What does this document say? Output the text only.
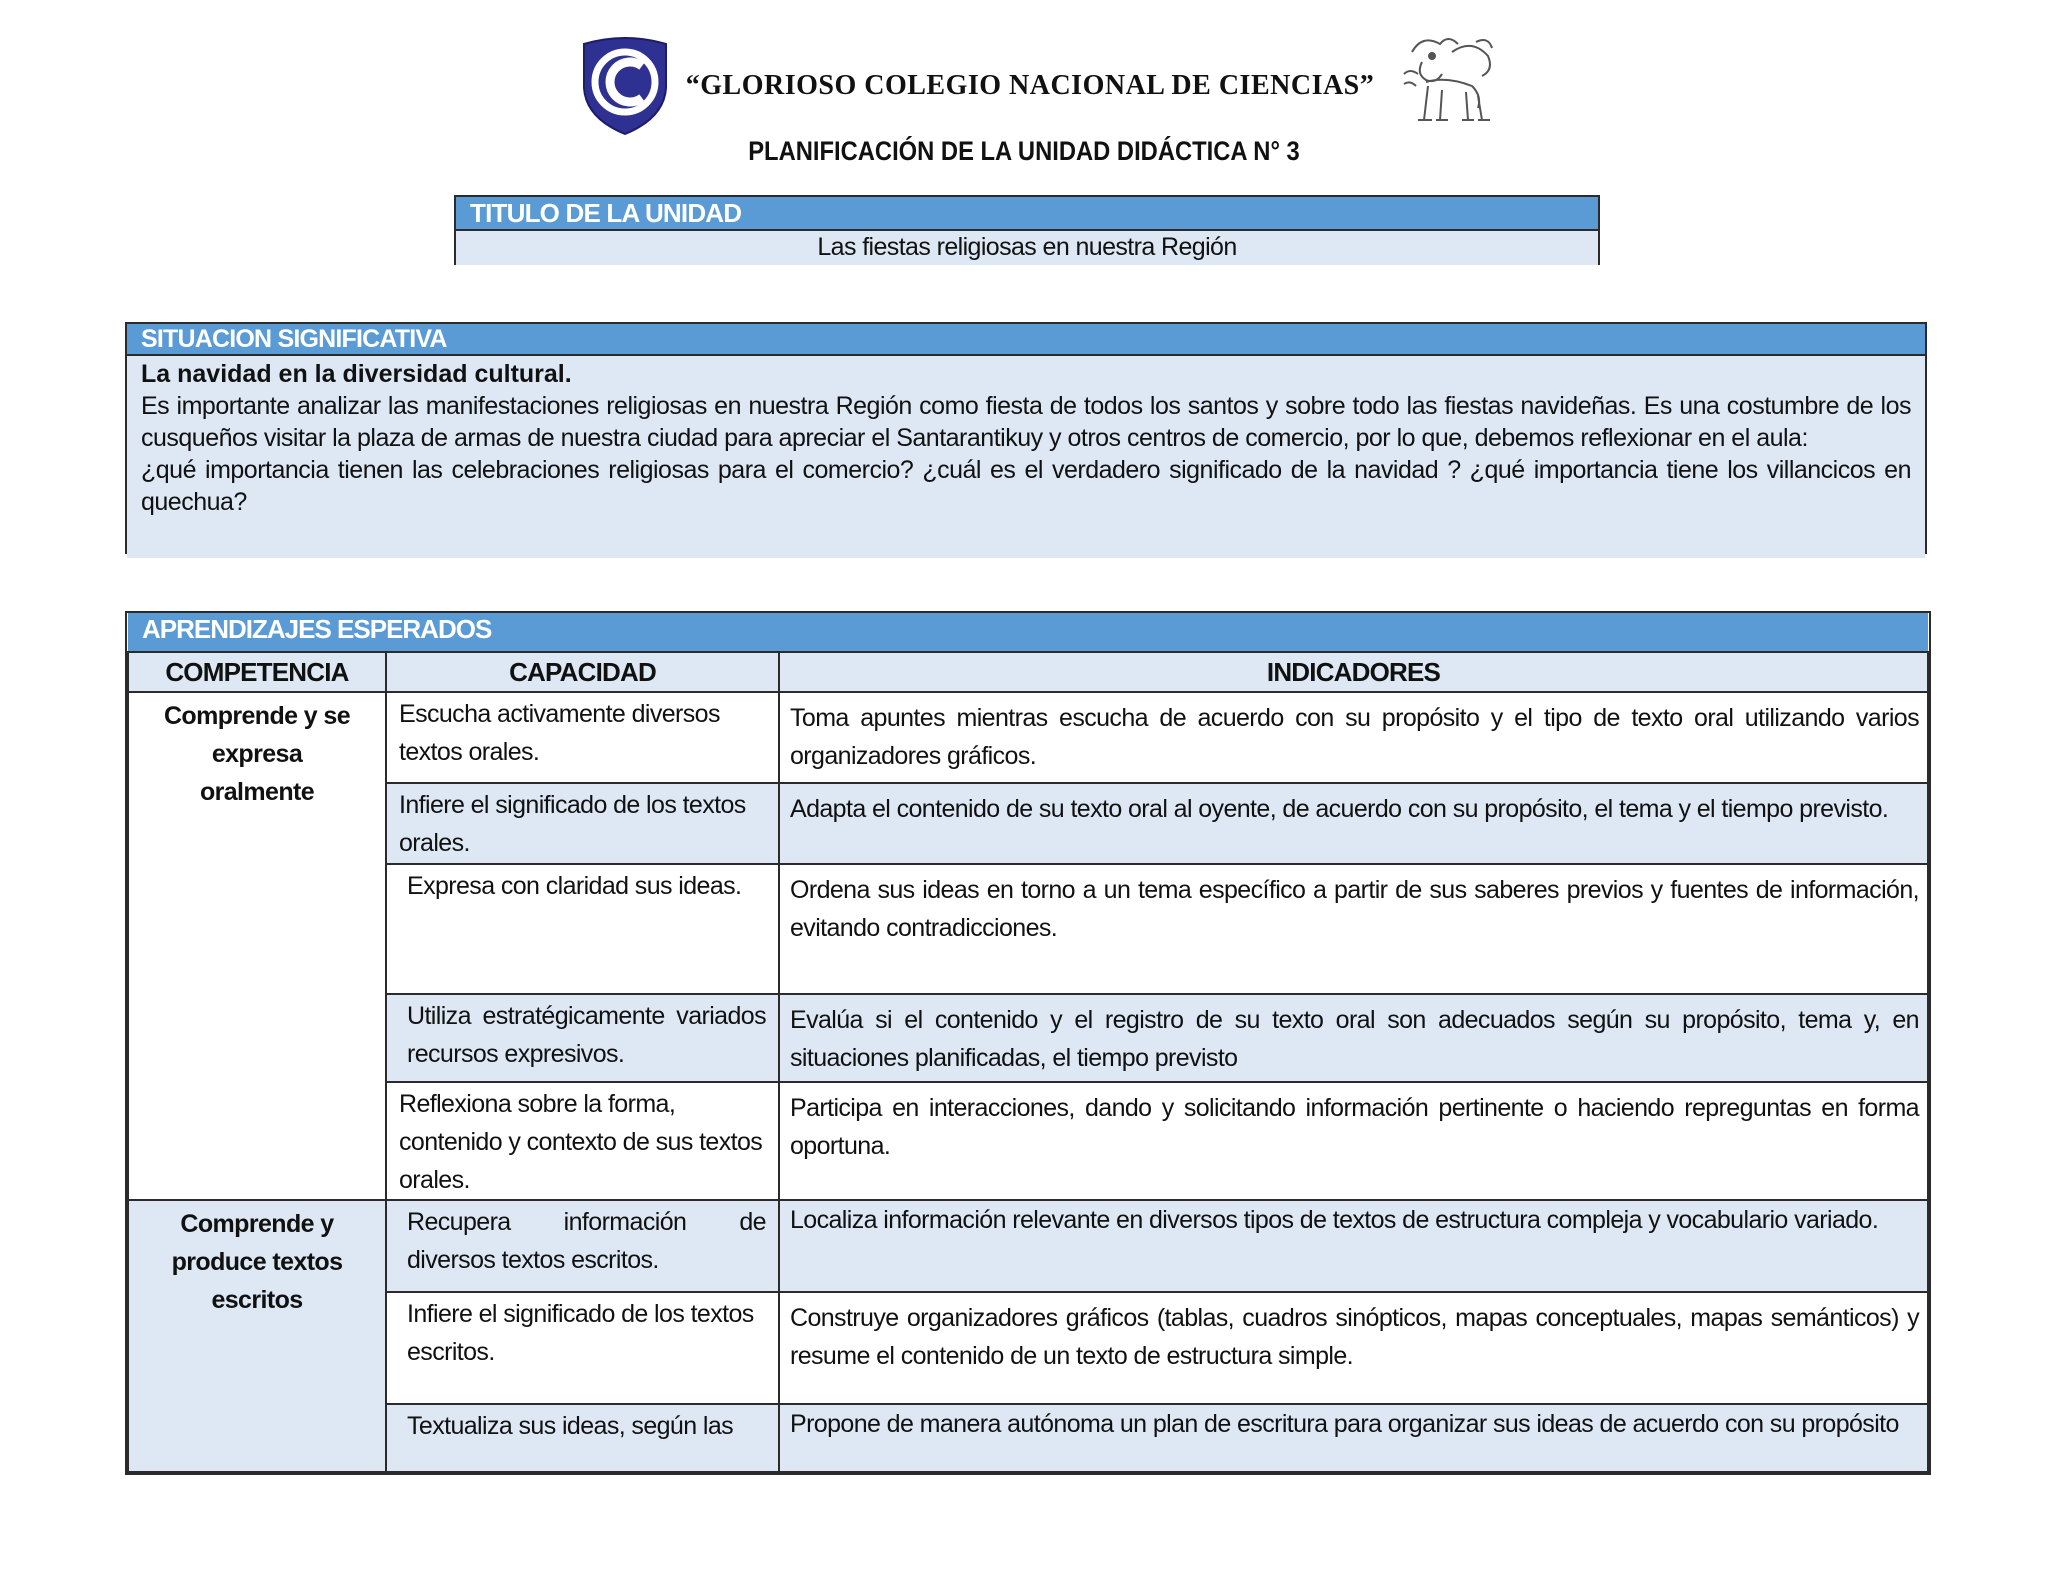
“GLORIOSO COLEGIO NACIONAL DE CIENCIAS”
PLANIFICACIÓN DE LA UNIDAD DIDÁCTICA N° 3
TITULO DE LA UNIDAD
Las fiestas religiosas en nuestra Región
SITUACION SIGNIFICATIVA
La navidad en la diversidad cultural.

Es importante analizar las manifestaciones religiosas en nuestra Región como fiesta de todos los santos y sobre todo las fiestas navideñas. Es una costumbre de los cusqueños visitar la plaza de armas de nuestra ciudad para apreciar el Santarantikuy y otros centros de comercio, por lo que, debemos reflexionar en el aula:

¿qué importancia tienen las celebraciones religiosas para el comercio? ¿cuál es el verdadero significado de la navidad ? ¿qué importancia tiene los villancicos en quechua?

APRENDIZAJES ESPERADOS		
COMPETENCIA	CAPACIDAD	INDICADORES
Comprende y se expresa oralmente	Escucha activamente diversos textos orales.	Toma apuntes mientras escucha de acuerdo con su propósito y el tipo de texto oral utilizando varios organizadores gráficos.
	Infiere el significado de los textos orales.	Adapta el contenido de su texto oral al oyente, de acuerdo con su propósito, el tema y el tiempo previsto.
	Expresa con claridad sus ideas.	Ordena sus ideas en torno a un tema específico a partir de sus saberes previos y fuentes de información, evitando contradicciones.
	Utiliza estratégicamente variados recursos expresivos.	Evalúa si el contenido y el registro de su texto oral son adecuados según su propósito, tema y, en situaciones planificadas, el tiempo previsto
	Reflexiona sobre la forma, contenido y contexto de sus textos orales.	Participa en interacciones, dando y solicitando información pertinente o haciendo repreguntas en forma oportuna.
Comprende y produce textos escritos	Recupera información de diversos textos escritos.	Localiza información relevante en diversos tipos de textos de estructura compleja y vocabulario variado.
	Infiere el significado de los textos escritos.	Construye organizadores gráficos (tablas, cuadros sinópticos, mapas conceptuales, mapas semánticos) y resume el contenido de un texto de estructura simple.
	Textualiza sus ideas, según las	Propone de manera autónoma un plan de escritura para organizar sus ideas de acuerdo con su propósito
